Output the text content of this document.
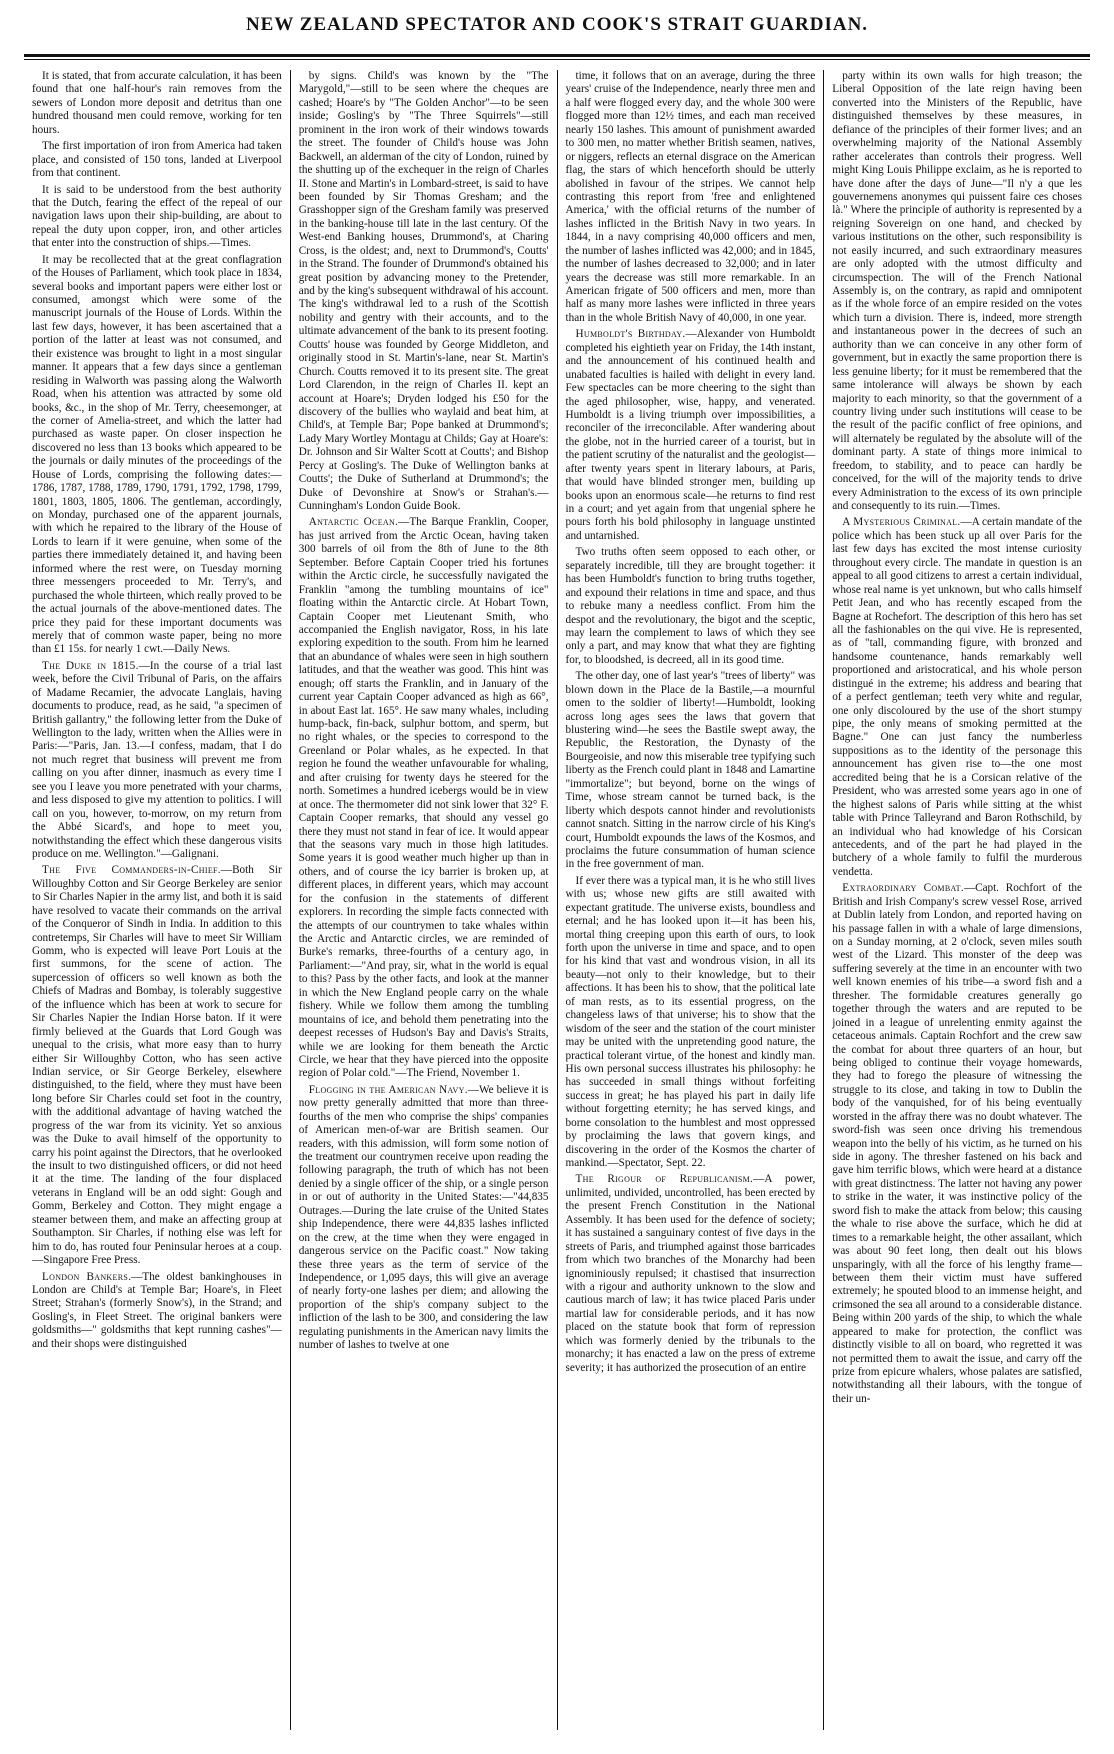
NEW ZEALAND SPECTATOR AND COOK'S STRAIT GUARDIAN.

It is stated, that from accurate calculation, it has been found that one half-hour's rain removes from the sewers of London more deposit and detritus than one hundred thousand men could remove, working for ten hours.

The first importation of iron from America had taken place, and consisted of 150 tons, landed at Liverpool from that continent.

It is said to be understood from the best authority that the Dutch, fearing the effect of the repeal of our navigation laws upon their ship-building, are about to repeal the duty upon copper, iron, and other articles that enter into the construction of ships.—Times.

It may be recollected that at the great conflagration of the Houses of Parliament, which took place in 1834, several books and important papers were either lost or consumed, amongst which were some of the manuscript journals of the House of Lords. Within the last few days, however, it has been ascertained that a portion of the latter at least was not consumed, and their existence was brought to light in a most singular manner. It appears that a few days since a gentleman residing in Walworth was passing along the Walworth Road, when his attention was attracted by some old books, &c., in the shop of Mr. Terry, cheesemonger, at the corner of Amelia-street, and which the latter had purchased as waste paper. On closer inspection he discovered no less than 13 books which appeared to be the journals or daily minutes of the proceedings of the House of Lords, comprising the following dates:—1786, 1787, 1788, 1789, 1790, 1791, 1792, 1798, 1799, 1801, 1803, 1805, 1806. The gentleman, accordingly, on Monday, purchased one of the apparent journals, with which he repaired to the library of the House of Lords to learn if it were genuine, when some of the parties there immediately detained it, and having been informed where the rest were, on Tuesday morning three messengers proceeded to Mr. Terry's, and purchased the whole thirteen, which really proved to be the actual journals of the above-mentioned dates. The price they paid for these important documents was merely that of common waste paper, being no more than £1 15s. for nearly 1 cwt.—Daily News.

The Duke in 1815.—In the course of a trial last week, before the Civil Tribunal of Paris, on the affairs of Madame Recamier, the advocate Langlais, having documents to produce, read, as he said, "a specimen of British gallantry," the following letter from the Duke of Wellington to the lady, written when the Allies were in Paris:—"Paris, Jan. 13.—I confess, madam, that I do not much regret that business will prevent me from calling on you after dinner, inasmuch as every time I see you I leave you more penetrated with your charms, and less disposed to give my attention to politics. I will call on you, however, to-morrow, on my return from the Abbé Sicard's, and hope to meet you, notwithstanding the effect which these dangerous visits produce on me. Wellington."—Galignani.

The Five Commanders-in-Chief.—Both Sir Willoughby Cotton and Sir George Berkeley are senior to Sir Charles Napier in the army list, and both it is said have resolved to vacate their commands on the arrival of the Conqueror of Sindh in India. In addition to this contretemps, Sir Charles will have to meet Sir William Gomm, who is expected will leave Port Louis at the first summons, for the scene of action. The supercession of officers so well known as both the Chiefs of Madras and Bombay, is tolerably suggestive of the influence which has been at work to secure for Sir Charles Napier the Indian Horse baton. If it were firmly believed at the Guards that Lord Gough was unequal to the crisis, what more easy than to hurry either Sir Willoughby Cotton, who has seen active Indian service, or Sir George Berkeley, elsewhere distinguished, to the field, where they must have been long before Sir Charles could set foot in the country, with the additional advantage of having watched the progress of the war from its vicinity. Yet so anxious was the Duke to avail himself of the opportunity to carry his point against the Directors, that he overlooked the insult to two distinguished officers, or did not heed it at the time. The landing of the four displaced veterans in England will be an odd sight: Gough and Gomm, Berkeley and Cotton. They might engage a steamer between them, and make an affecting group at Southampton. Sir Charles, if nothing else was left for him to do, has routed four Peninsular heroes at a coup.—Singapore Free Press.

London Bankers.—The oldest bankinghouses in London are Child's at Temple Bar; Hoare's, in Fleet Street; Strahan's (formerly Snow's), in the Strand; and Gosling's, in Fleet Street. The original bankers were goldsmiths—" goldsmiths that kept running cashes"—and their shops were distinguished

by signs. Child's was known by the "The Marygold,"—still to be seen where the cheques are cashed; Hoare's by "The Golden Anchor"—to be seen inside; Gosling's by "The Three Squirrels"—still prominent in the iron work of their windows towards the street. The founder of Child's house was John Backwell, an alderman of the city of London, ruined by the shutting up of the exchequer in the reign of Charles II. Stone and Martin's in Lombard-street, is said to have been founded by Sir Thomas Gresham; and the Grasshopper sign of the Gresham family was preserved in the banking-house till late in the last century. Of the West-end Banking houses, Drummond's, at Charing Cross, is the oldest; and, next to Drummond's, Coutts' in the Strand. The founder of Drummond's obtained his great position by advancing money to the Pretender, and by the king's subsequent withdrawal of his account. The king's withdrawal led to a rush of the Scottish nobility and gentry with their accounts, and to the ultimate advancement of the bank to its present footing. Coutts' house was founded by George Middleton, and originally stood in St. Martin's-lane, near St. Martin's Church. Coutts removed it to its present site. The great Lord Clarendon, in the reign of Charles II. kept an account at Hoare's; Dryden lodged his £50 for the discovery of the bullies who waylaid and beat him, at Child's, at Temple Bar; Pope banked at Drummond's; Lady Mary Wortley Montagu at Childs; Gay at Hoare's: Dr. Johnson and Sir Walter Scott at Coutts'; and Bishop Percy at Gosling's. The Duke of Wellington banks at Coutts'; the Duke of Sutherland at Drummond's; the Duke of Devonshire at Snow's or Strahan's.—Cunningham's London Guide Book.

Antarctic Ocean.—The Barque Franklin, Cooper, has just arrived from the Arctic Ocean, having taken 300 barrels of oil from the 8th of June to the 8th September. Before Captain Cooper tried his fortunes within the Arctic circle, he successfully navigated the Franklin "among the tumbling mountains of ice" floating within the Antarctic circle. At Hobart Town, Captain Cooper met Lieutenant Smith, who accompanied the English navigator, Ross, in his late exploring expedition to the south. From him he learned that an abundance of whales were seen in high southern latitudes, and that the weather was good. This hint was enough; off starts the Franklin, and in January of the current year Captain Cooper advanced as high as 66°, in about East lat. 165°. He saw many whales, including hump-back, fin-back, sulphur bottom, and sperm, but no right whales, or the species to correspond to the Greenland or Polar whales, as he expected. In that region he found the weather unfavourable for whaling, and after cruising for twenty days he steered for the north. Sometimes a hundred icebergs would be in view at once. The thermometer did not sink lower that 32° F. Captain Cooper remarks, that should any vessel go there they must not stand in fear of ice. It would appear that the seasons vary much in those high latitudes. Some years it is good weather much higher up than in others, and of course the icy barrier is broken up, at different places, in different years, which may account for the confusion in the statements of different explorers. In recording the simple facts connected with the attempts of our countrymen to take whales within the Arctic and Antarctic circles, we are reminded of Burke's remarks, three-fourths of a century ago, in Parliament:—"And pray, sir, what in the world is equal to this? Pass by the other facts, and look at the manner in which the New England people carry on the whale fishery. While we follow them among the tumbling mountains of ice, and behold them penetrating into the deepest recesses of Hudson's Bay and Davis's Straits, while we are looking for them beneath the Arctic Circle, we hear that they have pierced into the opposite region of Polar cold."—The Friend, November 1.

Flogging in the American Navy.—We believe it is now pretty generally admitted that more than three-fourths of the men who comprise the ships' companies of American men-of-war are British seamen. Our readers, with this admission, will form some notion of the treatment our countrymen receive upon reading the following paragraph, the truth of which has not been denied by a single officer of the ship, or a single person in or out of authority in the United States:—"44,835 Outrages.—During the late cruise of the United States ship Independence, there were 44,835 lashes inflicted on the crew, at the time when they were engaged in dangerous service on the Pacific coast." Now taking these three years as the term of service of the Independence, or 1,095 days, this will give an average of nearly forty-one lashes per diem; and allowing the proportion of the ship's company subject to the infliction of the lash to be 300, and considering the law regulating punishments in the American navy limits the number of lashes to twelve at one

time, it follows that on an average, during the three years' cruise of the Independence, nearly three men and a half were flogged every day, and the whole 300 were flogged more than 12½ times, and each man received nearly 150 lashes. This amount of punishment awarded to 300 men, no matter whether British seamen, natives, or niggers, reflects an eternal disgrace on the American flag, the stars of which henceforth should be utterly abolished in favour of the stripes. We cannot help contrasting this report from 'free and enlightened America,' with the official returns of the number of lashes inflicted in the British Navy in two years. In 1844, in a navy comprising 40,000 officers and men, the number of lashes inflicted was 42,000; and in 1845, the number of lashes decreased to 32,000; and in later years the decrease was still more remarkable. In an American frigate of 500 officers and men, more than half as many more lashes were inflicted in three years than in the whole British Navy of 40,000, in one year.

Humboldt's Birthday.—Alexander von Humboldt completed his eightieth year on Friday, the 14th instant, and the announcement of his continued health and unabated faculties is hailed with delight in every land. Few spectacles can be more cheering to the sight than the aged philosopher, wise, happy, and venerated. Humboldt is a living triumph over impossibilities, a reconciler of the irreconcilable. After wandering about the globe, not in the hurried career of a tourist, but in the patient scrutiny of the naturalist and the geologist—after twenty years spent in literary labours, at Paris, that would have blinded stronger men, building up books upon an enormous scale—he returns to find rest in a court; and yet again from that ungenial sphere he pours forth his bold philosophy in language unstinted and untarnished.

Two truths often seem opposed to each other, or separately incredible, till they are brought together: it has been Humboldt's function to bring truths together, and expound their relations in time and space, and thus to rebuke many a needless conflict. From him the despot and the revolutionary, the bigot and the sceptic, may learn the complement to laws of which they see only a part, and may know that what they are fighting for, to bloodshed, is decreed, all in its good time.

The other day, one of last year's "trees of liberty" was blown down in the Place de la Bastile,—a mournful omen to the soldier of liberty!—Humboldt, looking across long ages sees the laws that govern that blustering wind—he sees the Bastile swept away, the Republic, the Restoration, the Dynasty of the Bourgeoisie, and now this miserable tree typifying such liberty as the French could plant in 1848 and Lamartine "immortalize"; but beyond, borne on the wings of Time, whose stream cannot be turned back, is the liberty which despots cannot hinder and revolutionists cannot snatch. Sitting in the narrow circle of his King's court, Humboldt expounds the laws of the Kosmos, and proclaims the future consummation of human science in the free government of man.

If ever there was a typical man, it is he who still lives with us; whose new gifts are still awaited with expectant gratitude. The universe exists, boundless and eternal; and he has looked upon it—it has been his, mortal thing creeping upon this earth of ours, to look forth upon the universe in time and space, and to open for his kind that vast and wondrous vision, in all its beauty—not only to their knowledge, but to their affections. It has been his to show, that the political late of man rests, as to its essential progress, on the changeless laws of that universe; his to show that the wisdom of the seer and the station of the court minister may be united with the unpretending good nature, the practical tolerant virtue, of the honest and kindly man. His own personal success illustrates his philosophy: he has succeeded in small things without forfeiting success in great; he has played his part in daily life without forgetting eternity; he has served kings, and borne consolation to the humblest and most oppressed by proclaiming the laws that govern kings, and discovering in the order of the Kosmos the charter of mankind.—Spectator, Sept. 22.

The Rigour of Republicanism.—A power, unlimited, undivided, uncontrolled, has been erected by the present French Constitution in the National Assembly. It has been used for the defence of society; it has sustained a sanguinary contest of five days in the streets of Paris, and triumphed against those barricades from which two branches of the Monarchy had been ignominiously repulsed; it chastised that insurrection with a rigour and authority unknown to the slow and cautious march of law; it has twice placed Paris under martial law for considerable periods, and it has now placed on the statute book that form of repression which was formerly denied by the tribunals to the monarchy; it has enacted a law on the press of extreme severity; it has authorized the prosecution of an entire

party within its own walls for high treason; the Liberal Opposition of the late reign having been converted into the Ministers of the Republic, have distinguished themselves by these measures, in defiance of the principles of their former lives; and an overwhelming majority of the National Assembly rather accelerates than controls their progress. Well might King Louis Philippe exclaim, as he is reported to have done after the days of June—"Il n'y a que les gouvernemens anonymes qui puissent faire ces choses là." Where the principle of authority is represented by a reigning Sovereign on one hand, and checked by various institutions on the other, such responsibility is not easily incurred, and such extraordinary measures are only adopted with the utmost difficulty and circumspection. The will of the French National Assembly is, on the contrary, as rapid and omnipotent as if the whole force of an empire resided on the votes which turn a division. There is, indeed, more strength and instantaneous power in the decrees of such an authority than we can conceive in any other form of government, but in exactly the same proportion there is less genuine liberty; for it must be remembered that the same intolerance will always be shown by each majority to each minority, so that the government of a country living under such institutions will cease to be the result of the pacific conflict of free opinions, and will alternately be regulated by the absolute will of the dominant party. A state of things more inimical to freedom, to stability, and to peace can hardly be conceived, for the will of the majority tends to drive every Administration to the excess of its own principle and consequently to its ruin.—Times.

A Mysterious Criminal.—A certain mandate of the police which has been stuck up all over Paris for the last few days has excited the most intense curiosity throughout every circle. The mandate in question is an appeal to all good citizens to arrest a certain individual, whose real name is yet unknown, but who calls himself Petit Jean, and who has recently escaped from the Bagne at Rochefort. The description of this hero has set all the fashionables on the qui vive. He is represented, as of "tall, commanding figure, with bronzed and handsome countenance, hands remarkably well proportioned and aristocratical, and his whole person distingué in the extreme; his address and bearing that of a perfect gentleman; teeth very white and regular, one only discoloured by the use of the short stumpy pipe, the only means of smoking permitted at the Bagne." One can just fancy the numberless suppositions as to the identity of the personage this announcement has given rise to—the one most accredited being that he is a Corsican relative of the President, who was arrested some years ago in one of the highest salons of Paris while sitting at the whist table with Prince Talleyrand and Baron Rothschild, by an individual who had knowledge of his Corsican antecedents, and of the part he had played in the butchery of a whole family to fulfil the murderous vendetta.

Extraordinary Combat.—Capt. Rochfort of the British and Irish Company's screw vessel Rose, arrived at Dublin lately from London, and reported having on his passage fallen in with a whale of large dimensions, on a Sunday morning, at 2 o'clock, seven miles south west of the Lizard. This monster of the deep was suffering severely at the time in an encounter with two well known enemies of his tribe—a sword fish and a thresher. The formidable creatures generally go together through the waters and are reputed to be joined in a league of unrelenting enmity against the cetaceous animals. Captain Rochfort and the crew saw the combat for about three quarters of an hour, but being obliged to continue their voyage homewards, they had to forego the pleasure of witnessing the struggle to its close, and taking in tow to Dublin the body of the vanquished, for of his being eventually worsted in the affray there was no doubt whatever. The sword-fish was seen once driving his tremendous weapon into the belly of his victim, as he turned on his side in agony. The thresher fastened on his back and gave him terrific blows, which were heard at a distance with great distinctness. The latter not having any power to strike in the water, it was instinctive policy of the sword fish to make the attack from below; this causing the whale to rise above the surface, which he did at times to a remarkable height, the other assailant, which was about 90 feet long, then dealt out his blows unsparingly, with all the force of his lengthy frame—between them their victim must have suffered extremely; he spouted blood to an immense height, and crimsoned the sea all around to a considerable distance. Being within 200 yards of the ship, to which the whale appeared to make for protection, the conflict was distinctly visible to all on board, who regretted it was not permitted them to await the issue, and carry off the prize from epicure whalers, whose palates are satisfied, notwithstanding all their labours, with the tongue of their un-
